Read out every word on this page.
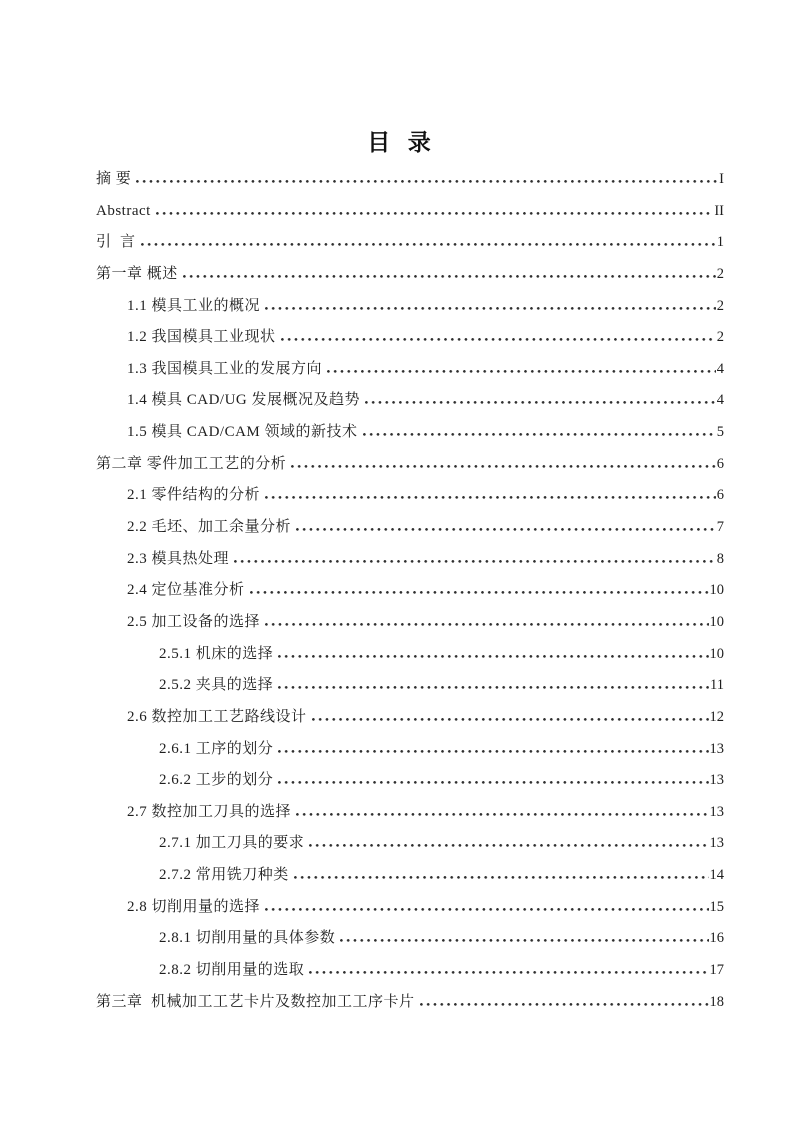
目  录
摘 要	I
Abstract	II
引  言	1
第一章 概述	2
1.1 模具工业的概况	2
1.2 我国模具工业现状	2
1.3 我国模具工业的发展方向	4
1.4 模具 CAD/UG 发展概况及趋势	4
1.5 模具 CAD/CAM 领域的新技术	5
第二章 零件加工工艺的分析	6
2.1 零件结构的分析	6
2.2 毛坯、加工余量分析	7
2.3 模具热处理	8
2.4 定位基准分析	10
2.5 加工设备的选择	10
2.5.1 机床的选择	10
2.5.2 夹具的选择	11
2.6 数控加工工艺路线设计	12
2.6.1 工序的划分	13
2.6.2 工步的划分	13
2.7 数控加工刀具的选择	13
2.7.1 加工刀具的要求	13
2.7.2 常用铣刀种类	14
2.8 切削用量的选择	15
2.8.1 切削用量的具体参数	16
2.8.2 切削用量的选取	17
第三章  机械加工工艺卡片及数控加工工序卡片	18
